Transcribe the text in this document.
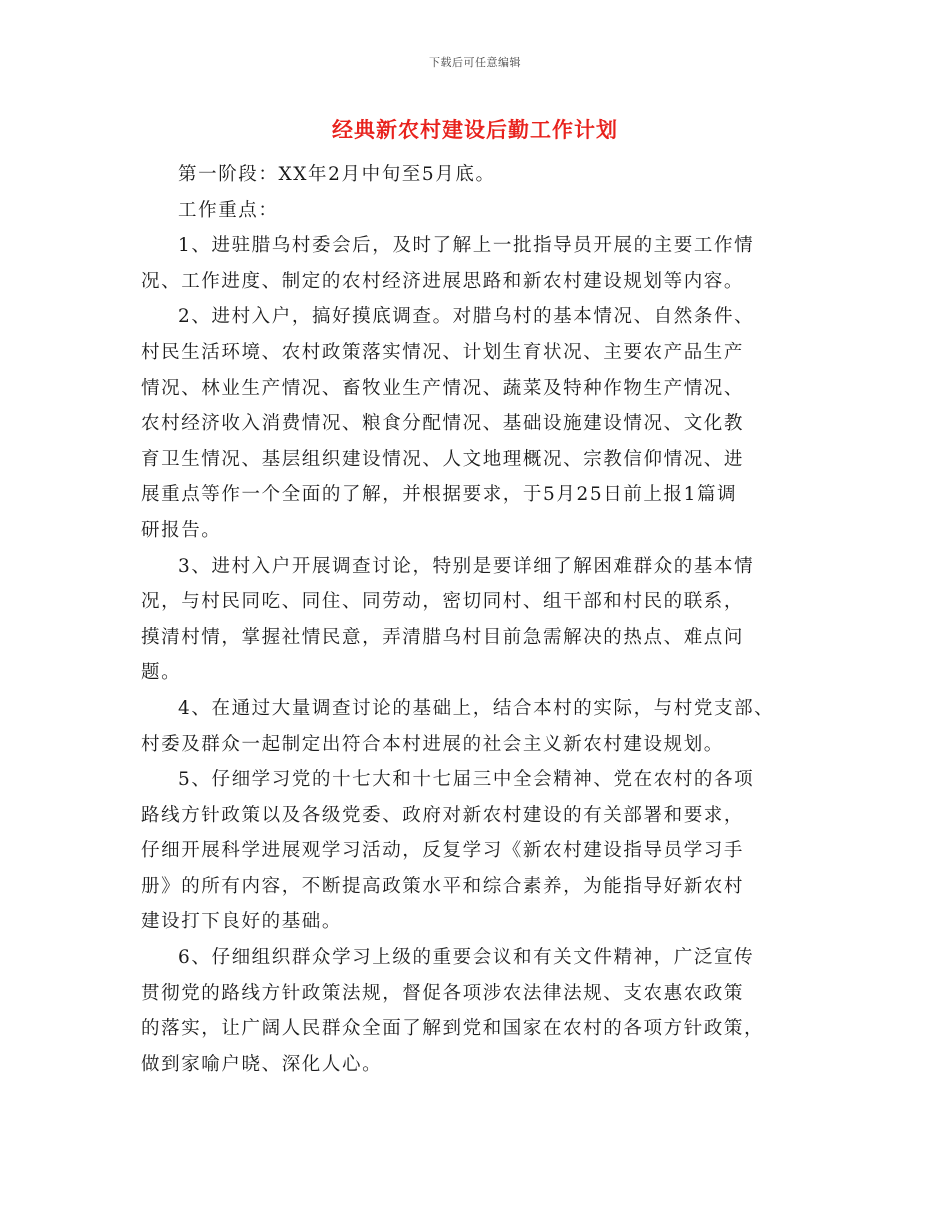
下载后可任意编辑
经典新农村建设后勤工作计划

第一阶段：XX年2月中旬至5月底。

工作重点：

1、进驻腊乌村委会后，及时了解上一批指导员开展的主要工作情
况、工作进度、制定的农村经济进展思路和新农村建设规划等内容。

2、进村入户，搞好摸底调查。对腊乌村的基本情况、自然条件、
村民生活环境、农村政策落实情况、计划生育状况、主要农产品生产
情况、林业生产情况、畜牧业生产情况、蔬菜及特种作物生产情况、
农村经济收入消费情况、粮食分配情况、基础设施建设情况、文化教
育卫生情况、基层组织建设情况、人文地理概况、宗教信仰情况、进
展重点等作一个全面的了解，并根据要求，于5月25日前上报1篇调
研报告。

3、进村入户开展调查讨论，特别是要详细了解困难群众的基本情
况，与村民同吃、同住、同劳动，密切同村、组干部和村民的联系，
摸清村情，掌握社情民意，弄清腊乌村目前急需解决的热点、难点问
题。

4、在通过大量调查讨论的基础上，结合本村的实际，与村党支部、
村委及群众一起制定出符合本村进展的社会主义新农村建设规划。

5、仔细学习党的十七大和十七届三中全会精神、党在农村的各项
路线方针政策以及各级党委、政府对新农村建设的有关部署和要求，
仔细开展科学进展观学习活动，反复学习《新农村建设指导员学习手
册》的所有内容，不断提高政策水平和综合素养，为能指导好新农村
建设打下良好的基础。

6、仔细组织群众学习上级的重要会议和有关文件精神，广泛宣传
贯彻党的路线方针政策法规，督促各项涉农法律法规、支农惠农政策
的落实，让广阔人民群众全面了解到党和国家在农村的各项方针政策，
做到家喻户晓、深化人心。
